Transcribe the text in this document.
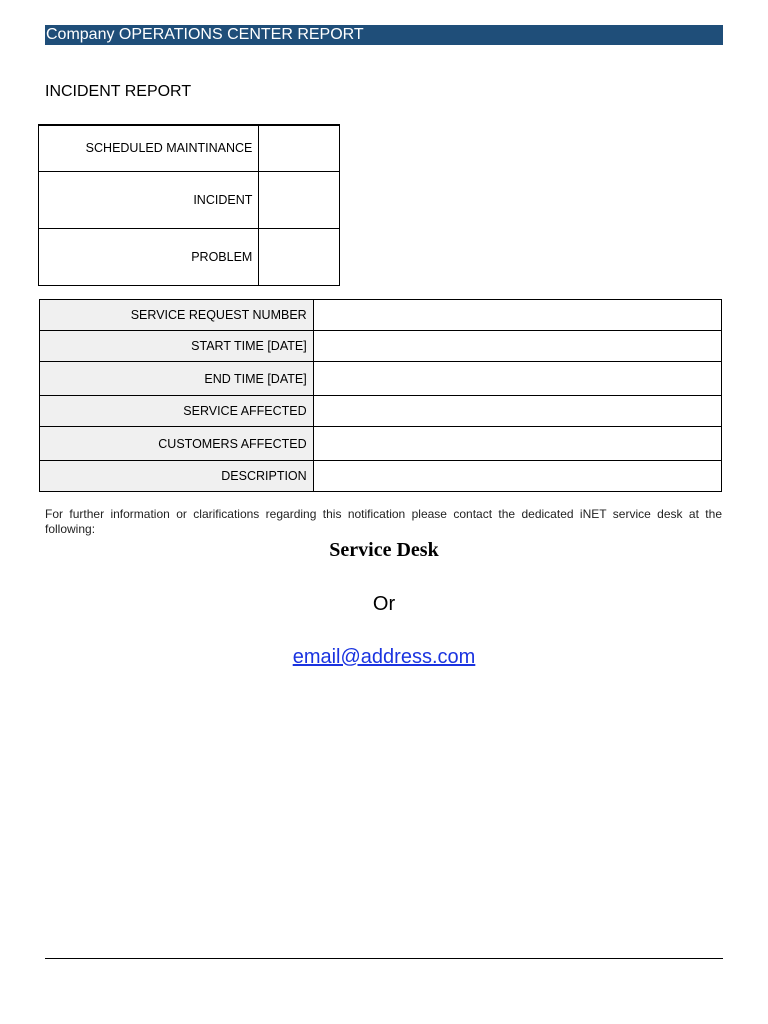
Company OPERATIONS CENTER REPORT
INCIDENT REPORT
SCHEDULED MAINTINANCE	
INCIDENT	
PROBLEM	
SERVICE REQUEST NUMBER	
START TIME [DATE]	
END TIME [DATE]	
SERVICE AFFECTED	
CUSTOMERS AFFECTED	
DESCRIPTION	
For further information or clarifications regarding this notification please contact the dedicated iNET service desk at the following:
Service Desk
Or
email@address.com
